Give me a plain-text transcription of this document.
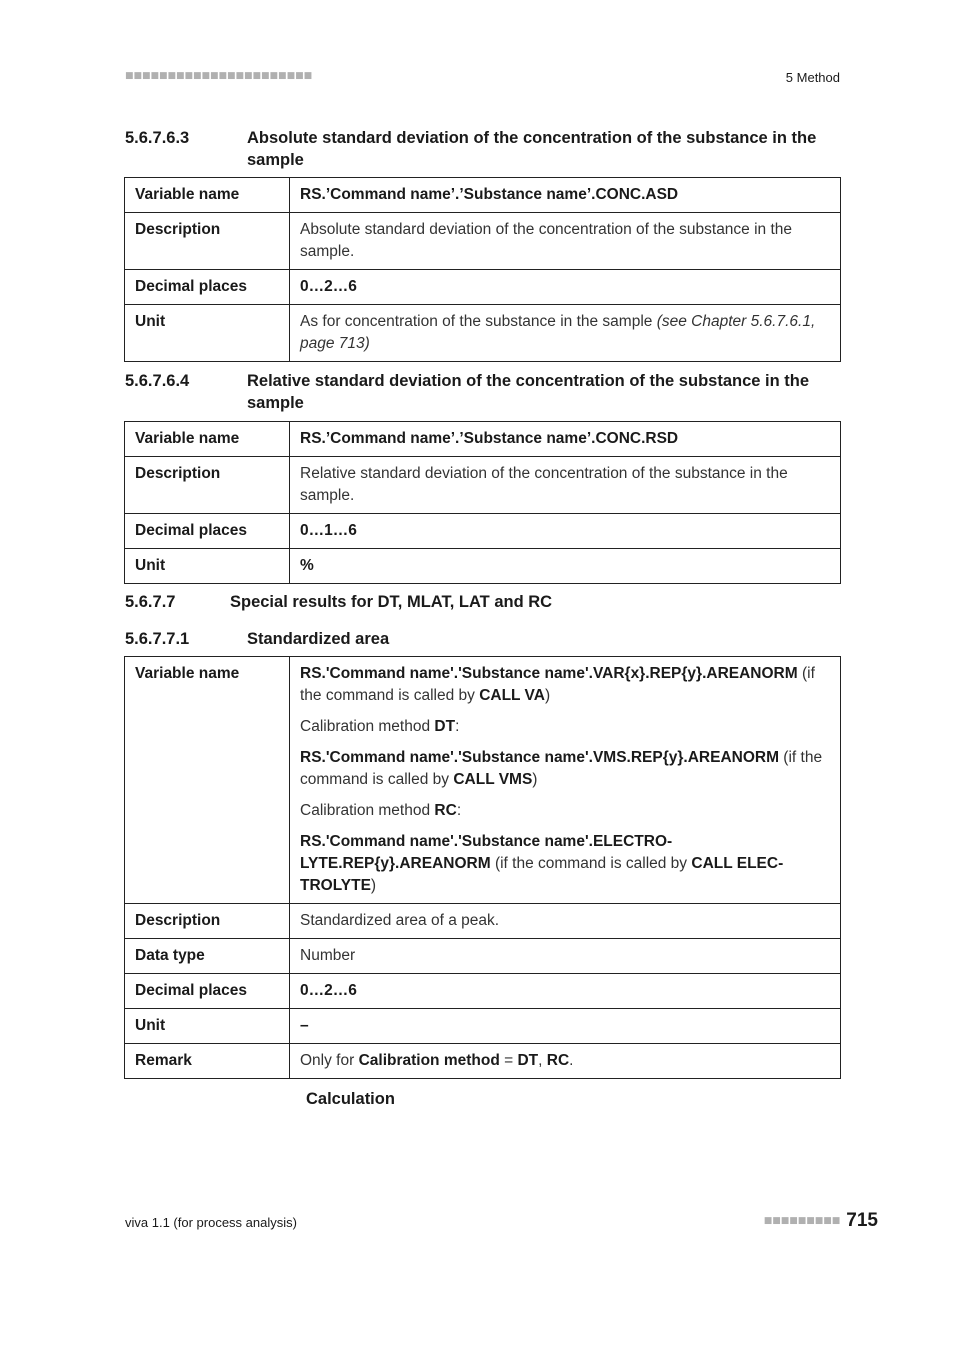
■■■■■■■■■■■■■■■■■■■■■■	5 Method
5.6.7.6.3	Absolute standard deviation of the concentration of the substance in the sample
Variable name	RS.’Command name’.’Substance name’.CONC.ASD
Description	Absolute standard deviation of the concentration of the substance in the sample.
Decimal places	0…2…6
Unit	As for concentration of the substance in the sample (see Chapter 5.6.7.6.1, page 713)
5.6.7.6.4	Relative standard deviation of the concentration of the substance in the sample
Variable name	RS.’Command name’.’Substance name’.CONC.RSD
Description	Relative standard deviation of the concentration of the substance in the sample.
Decimal places	0…1…6
Unit	%
5.6.7.7	Special results for DT, MLAT, LAT and RC
5.6.7.7.1	Standardized area
Variable name	RS.'Command name'.'Substance name'.VAR{x}.REP{y}.AREANORM (if the command is called by CALL VA)

Calibration method DT:

RS.'Command name'.'Substance name'.VMS.REP{y}.AREANORM (if the command is called by CALL VMS)

Calibration method RC:

RS.'Command name'.'Substance name'.ELECTROLYTE.REP{y}.AREANORM (if the command is called by CALL ELECTROLYTE)

Description	Standardized area of a peak.
Data type	Number
Decimal places	0…2…6
Unit	–
Remark	Only for Calibration method = DT, RC.
Calculation
viva 1.1 (for process analysis)	■■■■■■■■■ 715
